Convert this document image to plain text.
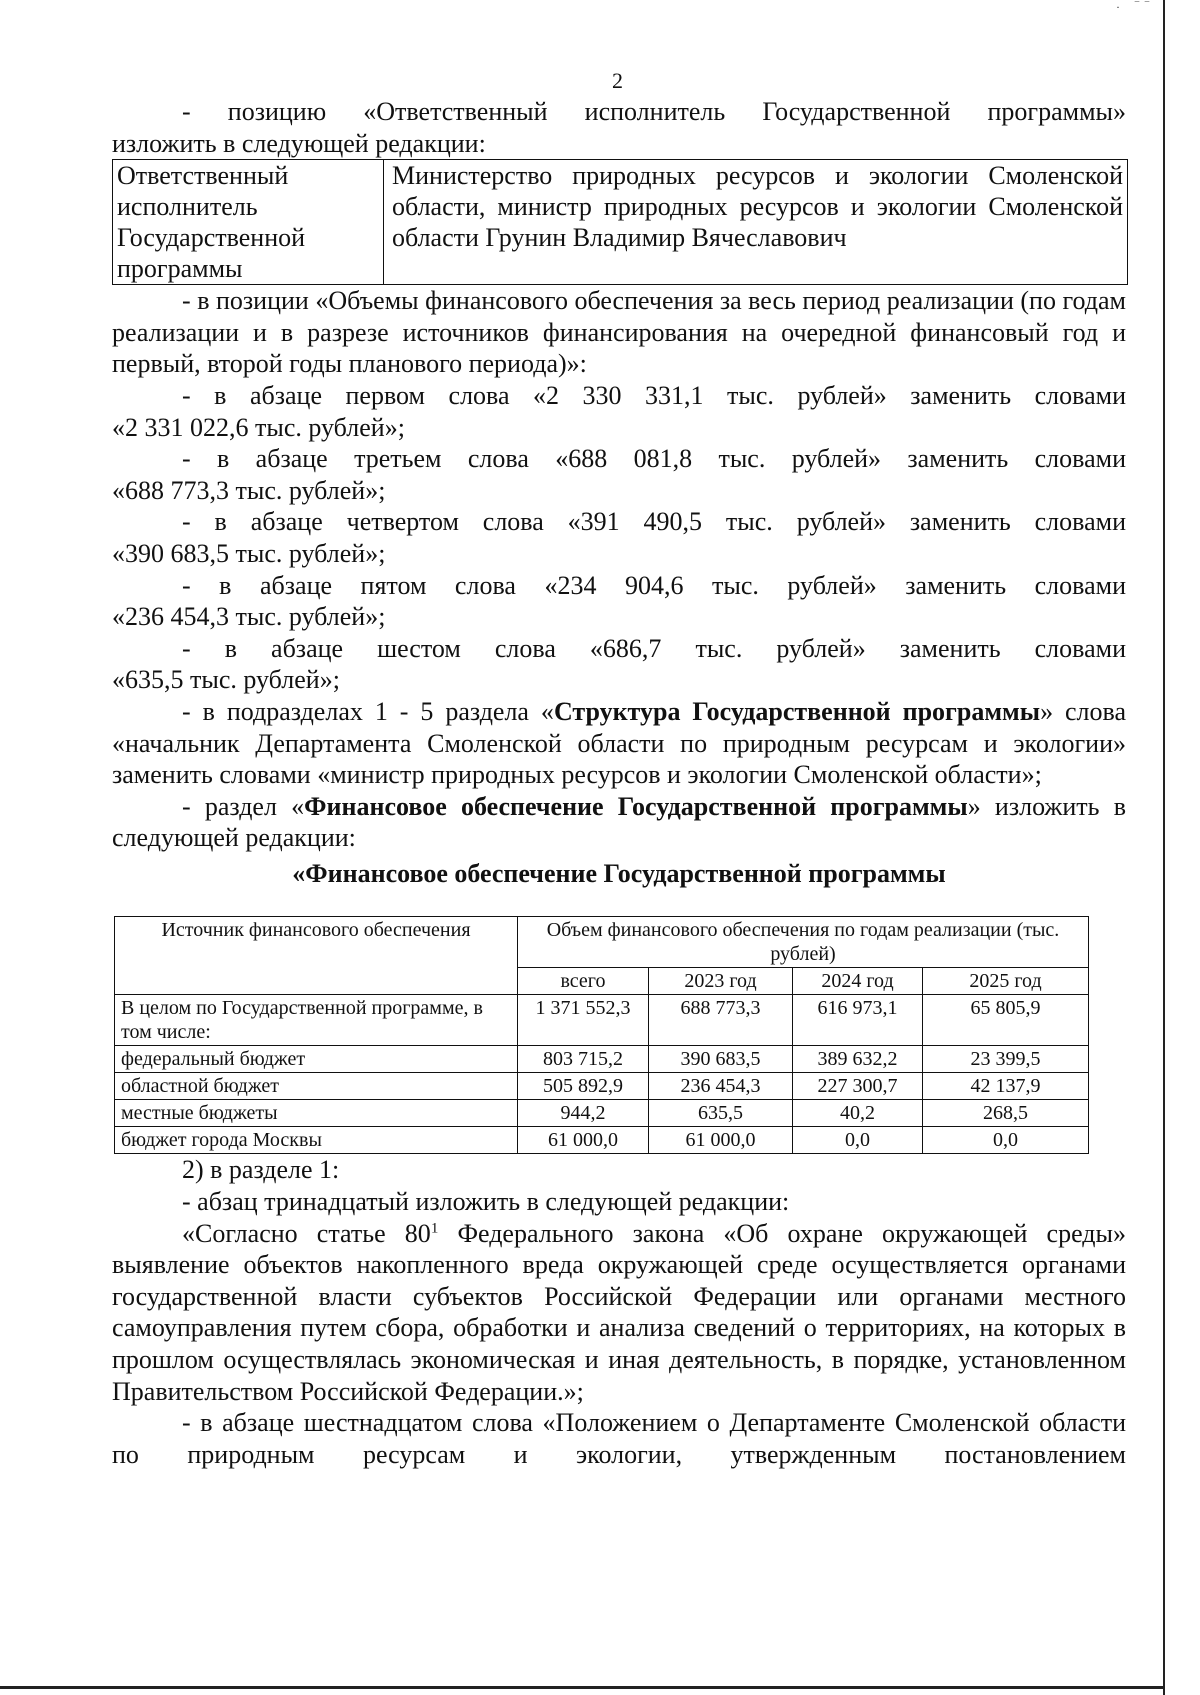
· ‾‾
2

- позицию «Ответственный исполнитель Государственной программы»

изложить в следующей редакции:

Ответственный
исполнитель
Государственной
программы
	Министерство природных ресурсов и экологии Смоленской области, министр природных ресурсов и экологии Смоленской области Грунин Владимир Вячеславович

- в позиции «Объемы финансового обеспечения за весь период реализации (по годам реализации и в разрезе источников финансирования на очередной финансовый год и первый, второй годы планового периода)»:

- в абзаце первом слова «2 330 331,1 тыс. рублей» заменить словами

«2 331 022,6 тыс. рублей»;

- в абзаце третьем слова «688 081,8 тыс. рублей» заменить словами

«688 773,3 тыс. рублей»;

- в абзаце четвертом слова «391 490,5 тыс. рублей» заменить словами

«390 683,5 тыс. рублей»;

- в абзаце пятом слова «234 904,6 тыс. рублей» заменить словами

«236 454,3 тыс. рублей»;

- в абзаце шестом слова «686,7 тыс. рублей» заменить словами

«635,5 тыс. рублей»;

- в подразделах 1 - 5 раздела «Структура Государственной программы» слова «начальник Департамента Смоленской области по природным ресурсам и экологии» заменить словами «министр природных ресурсов и экологии Смоленской области»;

- раздел «Финансовое обеспечение Государственной программы» изложить в следующей редакции:

«Финансовое обеспечение Государственной программы

Источник финансового обеспечения	Объем финансового обеспечения по годам реализации (тыс. рублей)			
	всего	2023 год	2024 год	2025 год
В целом по Государственной программе, в том числе:	1 371 552,3	688 773,3	616 973,1	65 805,9
федеральный бюджет	803 715,2	390 683,5	389 632,2	23 399,5
областной бюджет	505 892,9	236 454,3	227 300,7	42 137,9
местные бюджеты	944,2	635,5	40,2	268,5
бюджет города Москвы	61 000,0	61 000,0	0,0	0,0

2) в разделе 1:

- абзац тринадцатый изложить в следующей редакции:

«Согласно статье $80^1$ Федерального закона «Об охране окружающей среды» выявление объектов накопленного вреда окружающей среде осуществляется органами государственной власти субъектов Российской Федерации или органами местного самоуправления путем сбора, обработки и анализа сведений о территориях, на которых в прошлом осуществлялась экономическая и иная деятельность, в порядке, установленном Правительством Российской Федерации.»;

- в абзаце шестнадцатом слова «Положением о Департаменте Смоленской области по природным ресурсам и экологии, утвержденным постановлением
